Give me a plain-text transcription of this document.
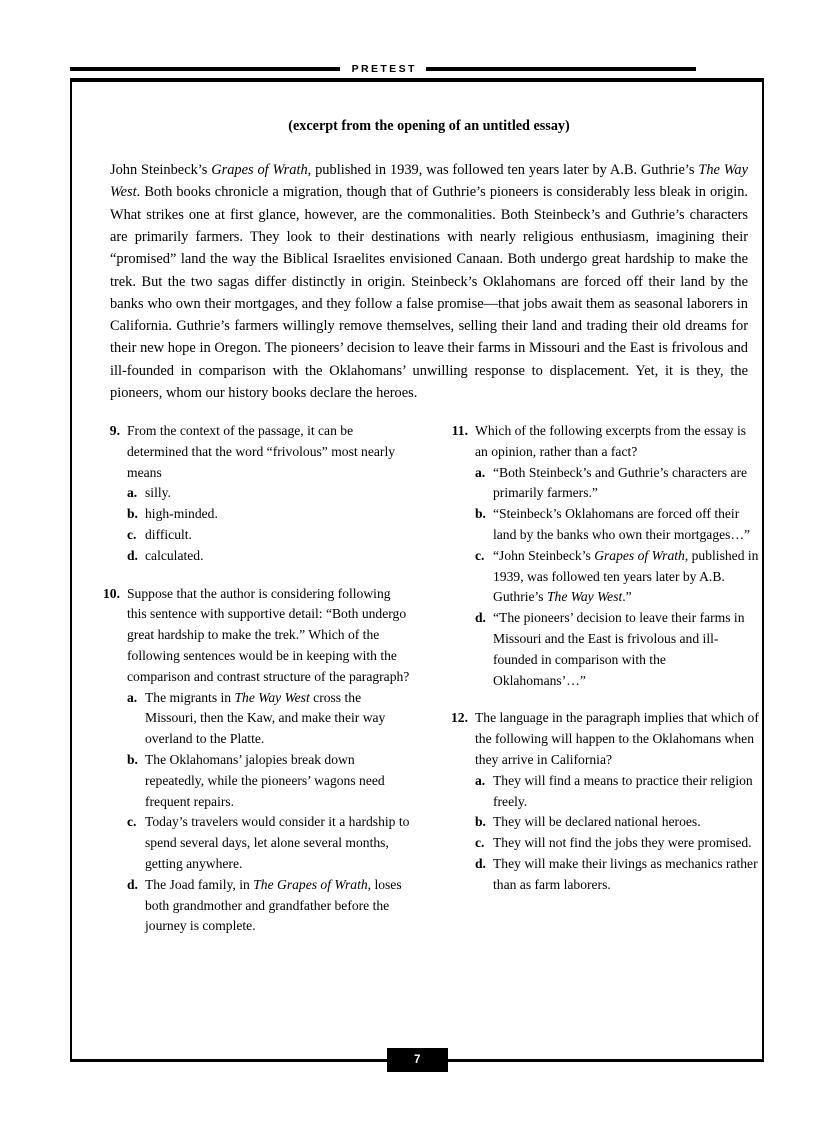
PRETEST
(excerpt from the opening of an untitled essay)

John Steinbeck’s Grapes of Wrath, published in 1939, was followed ten years later by A.B. Guthrie’s The Way West. Both books chronicle a migration, though that of Guthrie’s pioneers is considerably less bleak in origin. What strikes one at first glance, however, are the commonalities. Both Steinbeck’s and Guthrie’s characters are primarily farmers. They look to their destinations with nearly religious enthusiasm, imagining their “promised” land the way the Biblical Israelites envisioned Canaan. Both undergo great hardship to make the trek. But the two sagas differ distinctly in origin. Steinbeck’s Oklahomans are forced off their land by the banks who own their mortgages, and they follow a false promise—that jobs await them as seasonal laborers in California. Guthrie’s farmers willingly remove themselves, selling their land and trading their old dreams for their new hope in Oregon. The pioneers’ decision to leave their farms in Missouri and the East is frivolous and ill-founded in comparison with the Oklahomans’ unwilling response to displacement. Yet, it is they, the pioneers, whom our history books declare the heroes.

9. From the context of the passage, it can be determined that the word “frivolous” most nearly means
a. silly.
b. high-minded.
c. difficult.
d. calculated.
10. Suppose that the author is considering following this sentence with supportive detail: “Both undergo great hardship to make the trek.” Which of the following sentences would be in keeping with the comparison and contrast structure of the paragraph?
a. The migrants in The Way West cross the Missouri, then the Kaw, and make their way overland to the Platte.
b. The Oklahomans’ jalopies break down repeatedly, while the pioneers’ wagons need frequent repairs.
c. Today’s travelers would consider it a hardship to spend several days, let alone several months, getting anywhere.
d. The Joad family, in The Grapes of Wrath, loses both grandmother and grandfather before the journey is complete.
11. Which of the following excerpts from the essay is an opinion, rather than a fact?
a. “Both Steinbeck’s and Guthrie’s characters are primarily farmers.”
b. “Steinbeck’s Oklahomans are forced off their land by the banks who own their mortgages…”
c. “John Steinbeck’s Grapes of Wrath, published in 1939, was followed ten years later by A.B. Guthrie’s The Way West.”
d. “The pioneers’ decision to leave their farms in Missouri and the East is frivolous and ill-founded in comparison with the Oklahomans’…”
12. The language in the paragraph implies that which of the following will happen to the Oklahomans when they arrive in California?
a. They will find a means to practice their religion freely.
b. They will be declared national heroes.
c. They will not find the jobs they were promised.
d. They will make their livings as mechanics rather than as farm laborers.
7
